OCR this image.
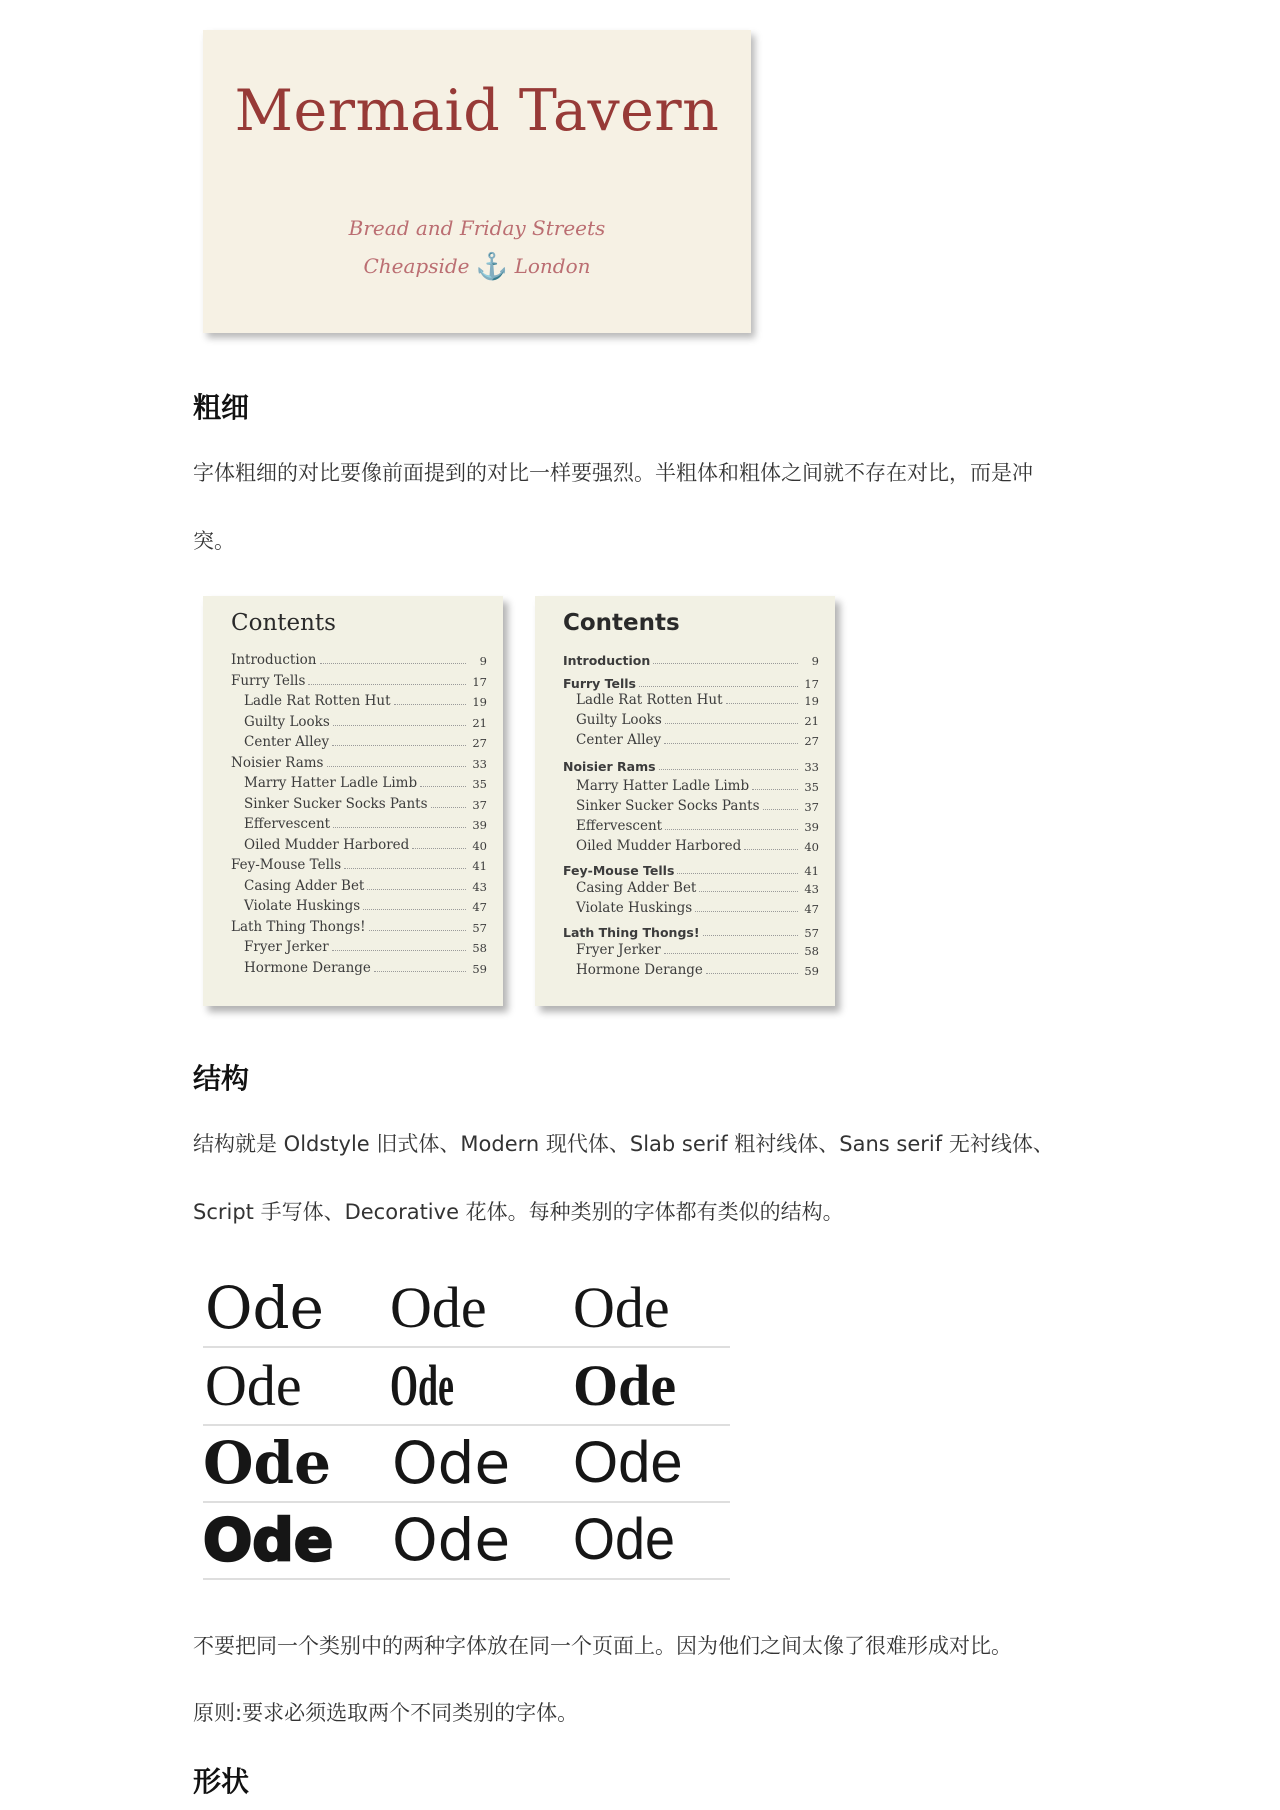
Mermaid Tavern
Bread and Friday Streets
Cheapside ⚓ London
粗细
字体粗细的对比要像前面提到的对比一样要强烈。半粗体和粗体之间就不存在对比，而是冲
突。
Contents
Introduction	9
Furry Tells	17
Ladle Rat Rotten Hut	19
Guilty Looks	21
Center Alley	27
Noisier Rams	33
Marry Hatter Ladle Limb	35
Sinker Sucker Socks Pants	37
Effervescent	39
Oiled Mudder Harbored	40
Fey-Mouse Tells	41
Casing Adder Bet	43
Violate Huskings	47
Lath Thing Thongs!	57
Fryer Jerker	58
Hormone Derange	59
Contents
Introduction	9
Furry Tells	17
Ladle Rat Rotten Hut	19
Guilty Looks	21
Center Alley	27
Noisier Rams	33
Marry Hatter Ladle Limb	35
Sinker Sucker Socks Pants	37
Effervescent	39
Oiled Mudder Harbored	40
Fey-Mouse Tells	41
Casing Adder Bet	43
Violate Huskings	47
Lath Thing Thongs!	57
Fryer Jerker	58
Hormone Derange	59
结构
结构就是 Oldstyle 旧式体、Modern 现代体、Slab serif 粗衬线体、Sans serif 无衬线体、
Script 手写体、Decorative 花体。每种类别的字体都有类似的结构。
Ode Ode Ode
Ode Ode Ode
Ode Ode Ode
Ode Ode Ode
不要把同一个类别中的两种字体放在同一个页面上。因为他们之间太像了很难形成对比。
原则:要求必须选取两个不同类别的字体。
形状
